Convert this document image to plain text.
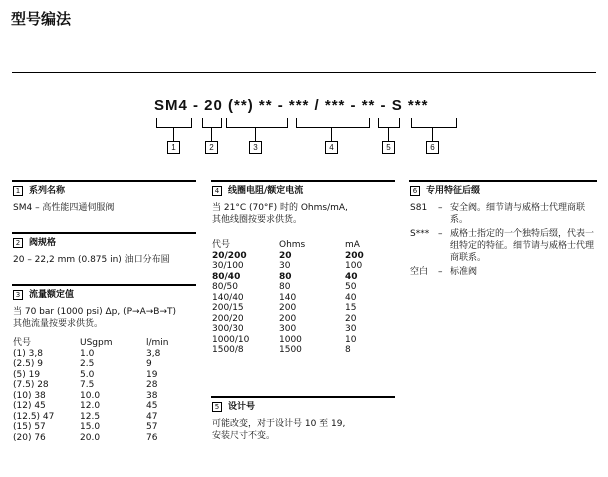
型号编法
SM4 - 20 (**) ** - *** / *** - ** - S ***
1	2	3	4	5	6
1 系列名称
SM4 – 高性能四通伺服阀
2 阀规格
20 – 22,2 mm (0.875 in) 油口分布圆
3 流量额定值
当 70 bar (1000 psi) Δp, (P→A→B→T)
其他流量按要求供货。
代号	USgpm	l/min
(1) 3,8	1.0	3,8
(2.5) 9	2.5	9
(5) 19	5.0	19
(7.5) 28	7.5	28
(10) 38	10.0	38
(12) 45	12.0	45
(12.5) 47	12.5	47
(15) 57	15.0	57
(20) 76	20.0	76
4 线圈电阻/额定电流
当 21°C (70°F) 时的 Ohms/mA,
其他线圈按要求供货。
代号	Ohms	mA
20/200	20	200
30/100	30	100
80/40	80	40
80/50	80	50
140/40	140	40
200/15	200	15
200/20	200	20
300/30	300	30
1000/10	1000	10
1500/8	1500	8
5 设计号
可能改变，对于设计号 10 至 19,
安装尺寸不变。
6 专用特征后缀
S81	– 安全阀。细节请与威格士代理商联系。
S*** – 威格士指定的一个独特后缀，代表一组特定的特征。细节请与威格士代理商联系。
空白	– 标准阀
